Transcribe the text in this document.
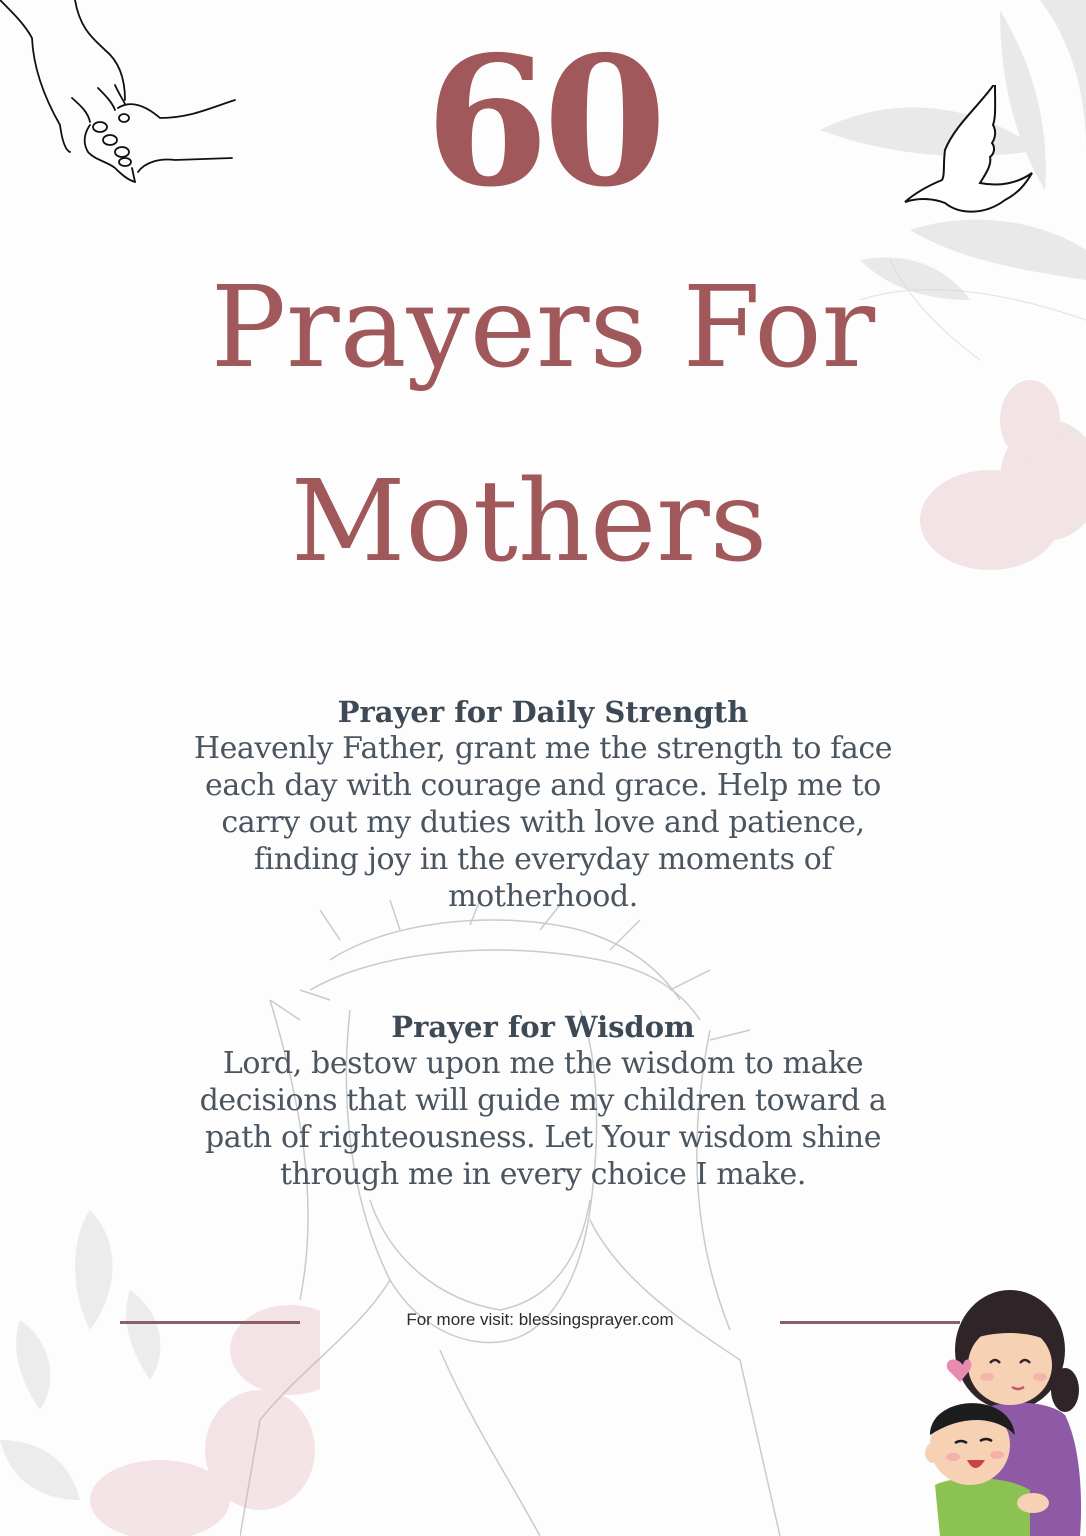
60
Prayers For
Mothers
Prayer for Daily Strength

Heavenly Father, grant me the strength to face

each day with courage and grace. Help me to

carry out my duties with love and patience,

finding joy in the everyday moments of

motherhood.

Prayer for Wisdom

Lord, bestow upon me the wisdom to make

decisions that will guide my children toward a

path of righteousness. Let Your wisdom shine

through me in every choice I make.

For more visit: blessingsprayer.com
